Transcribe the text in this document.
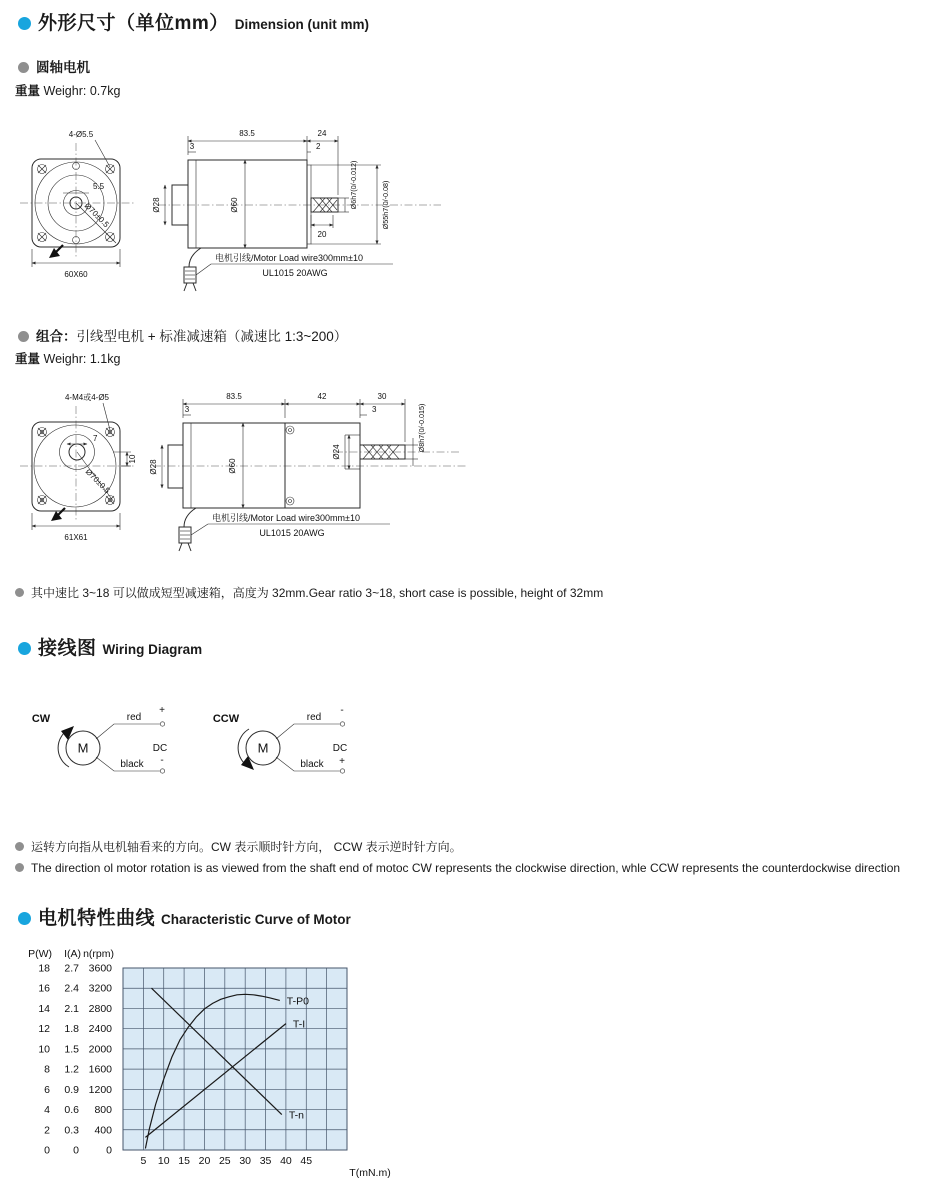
外形尺寸（单位mm） Dimension (unit mm)
圆轴电机
重量 Weighr: 0.7kg
5.5
Ø70±0.5
4-Ø5.5
60X60
83.5	24
3	2
Ø28	Ø60
20
Ø6h7(0/-0.012)	Ø55h7(0/-0.08)
电机引线/Motor Load wire300mm±10
UL1015 20AWG
组合：引线型电机 + 标准减速箱（减速比 1:3~200）
重量 Weighr: 1.1kg
7
10
Ø70±0.5
4-M4或4-Ø5
61X61
83.5	42	30
3	3
Ø28	Ø60
Ø24	Ø8h7(0/-0.015)
电机引线/Motor Load wire300mm±10
UL1015 20AWG
其中速比 3~18 可以做成短型减速箱，高度为 32mm.Gear ratio 3~18, short case is possible, height of 32mm
接线图 Wiring Diagram
CW
M
red
+
black -
DC
CCW
M
red
-
black +
DC
运转方向指从电机轴看来的方向。CW 表示顺时针方向， CCW 表示逆时针方向。
The direction ol motor rotation is as viewed from the shaft end of motoc CW represents the clockwise direction, whle CCW represents the counterdockwise direction
电机特性曲线 Characteristic Curve of Motor
5 10 15 20 25 30 35 40 45
T(mN.m)
P(W)
18
16
14
12
10
8
6
4
2
0
I(A)
2.7
2.4
2.1
1.8
1.5
1.2
0.9
0.6
0.3
0
n(rpm)
3600
3200
2800
2400
2000
1600
1200
800
400
0
T-n
T-I
T-P0
